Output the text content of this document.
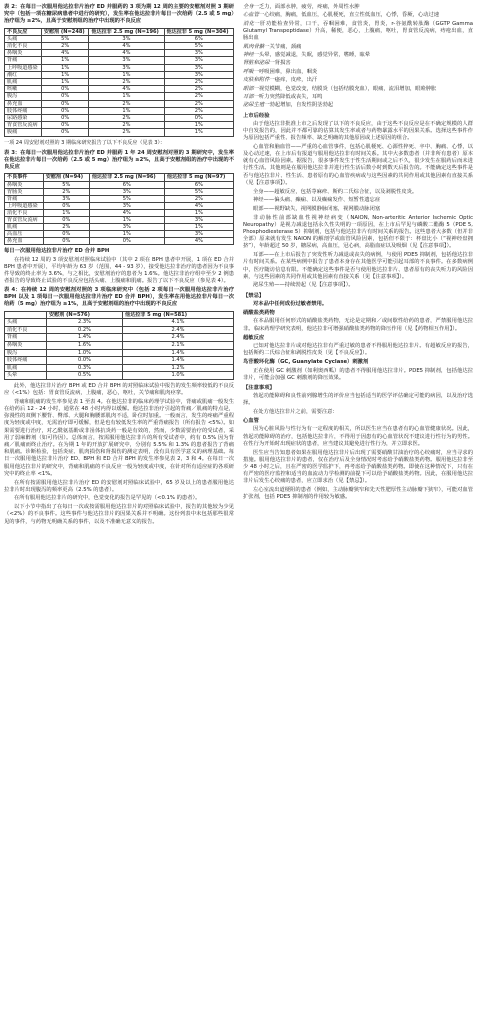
表 2：在每日一次服用他达拉非片治疗 ED 并服药的 3 项为期 12 周的主要的安慰剂对照 3 期研究中（包括一项在糖尿病患者中进行的研究），发生率在他达拉非片每日一次给药（2.5 或 5 mg）治疗组为 ≥2%，且高于安慰剂组的治疗中出现的不良反应

不良反应	安慰剂 (N=248)	他达拉非 2.5 mg (N=196)	他达拉非 5 mg (N=304)
头痛	5%	3%	6%
消化不良	2%	4%	5%
鼻咽炎	4%	4%	3%
背痛	1%	3%	3%
上呼吸道感染	1%	3%	3%
潮红	1%	1%	3%
肌痛	1%	2%	2%
咳嗽	0%	4%	2%
腹泻	0%	1%	2%
鼻充血	0%	2%	2%
肢体疼痛	0%	1%	2%
尿路感染	0%	2%	0%
胃食管反流病	0%	2%	1%
腹痛	0%	2%	1%

一项 24 周安慰剂对照的 3 期临床研究报告了以下不良反应（见表 3）：

表 3：在每日一次服用他达拉非片治疗 ED 并服药 1 年 24 周安慰剂对照的 3 期研究中，发生率在他达拉非片每日一次给药（2.5 或 5 mg）治疗组为 ≥2%，且高于安慰剂组的治疗中出现的不良反应

不良事件	安慰剂 (N=94)	他达拉非 2.5 mg (N=96)	他达拉非 5 mg (N=97)
鼻咽炎	5%	6%	6%
胃肠炎	2%	3%	5%
背痛	3%	5%	2%
上呼吸道感染	0%	3%	4%
消化不良	1%	4%	1%
胃食管反流病	0%	1%	3%
肌痛	2%	3%	1%
高血压	0%	1%	3%
鼻充血	0%	0%	4%

每日一次服用他达拉非片治疗 ED 合并 BPH

在持续 12 周的 3 项安慰剂对照临床试验中（其中 2 项在 BPH 患者中开展，1 项在 ED 合并 BPH 患者中开展），平均年龄为 63 岁（范围，44 - 93 岁），接受他达拉非治疗的患者因为不良事件导致的终止率为 3.6%，与之相比，安慰剂治疗的患者为 1.6%。他达拉非治疗组中至少 2 例患者报告的导致终止试验的不良反应包括头痛、上腹痛和肌痛。报告了以下不良反应（参见表 4）。

表 4：在持续 12 周的安慰剂对照的 3 项临床研究中（包括 2 项每日一次服用他达拉非片治疗 BPH 以及 1 项每日一次服用他达拉非片治疗 ED 合并 BPH），发生率在用他达拉非片每日一次给药（5 mg）治疗组为 ≥1%，且高于安慰剂组的治疗中出现的不良反应

	安慰剂 (N=576)	他达拉非 5 mg (N=581)
头痛	2.3%	4.1%
消化不良	0.2%	2.4%
背痛	1.4%	2.4%
鼻咽炎	1.6%	2.1%
腹泻	1.0%	1.4%
肢体疼痛	0.0%	1.4%
肌痛	0.3%	1.2%
头晕	0.5%	1.0%

此外，他达拉非片治疗 BPH 或 ED 合并 BPH 的对照临床试验中报告的发生频率较低的不良反应（<1%）包括：胃食管反流病，上腹痛，恶心，呕吐，关节痛和肌肉痉挛。

背痛和肌痛的发生率参见表 1 至表 4。在他达拉非的临床药理学试验中，背痛或肌痛一般发生在给药后 12 - 24 小时，通常在 48 小时内得以缓解。他达拉非治疗引起的背痛／肌痛的特点是，弥漫性的双侧下腰背、臀部、大腿和胸腰部肌肉不适，卧位时加重。一般而言，发生的疼痛严重程度为轻度或中度，无需治疗即可缓解，但是也有较低发生率的严重背痛报告（所有报告 <5%）。如果需要进行治疗，对乙酰氨基酚或非甾体抗炎药一般是有效的，然而，少数需要治疗的受试者，采用了弱麻醉剂（如可待因）。总体而言，按需服用他达拉非片的所有受试者中，约有 0.5% 因为背痛／肌痛而终止治疗。在为期 1 年的开放扩展研究中，分别有 5.5% 和 1.3% 的患者报告了背痛和肌痛。诊断检验，包括炎症、肌肉损伤和肾损伤的测定表明，没有具有医学意义的病理基础。每日一次服用他达拉非片治疗 ED、BPH 和 ED 合并 BPH 的发生率参见表 2，3 和 4。在每日一次服用他达拉非片的研究中，背痛和肌痛的不良反应一般为轻度或中度，在针对所有适应症的各项研究中的终止率 <1%。

在所有按需服用他达拉非片治疗 ED 的安慰剂对照临床试验中，65 岁及以上的患者服用他达拉非片时出现腹泻的频率更高（2.5% 的患者）。

在所有服用他达拉非片的研究中，色觉变化的报告是罕见的（<0.1% 的患者）。

以下小节中指出了在每日一次或按需服用他达拉非片的对照临床试验中，报告的其他较为少见（<2%）的不良事件。这些事件与他达拉非片的因果关系并不明确。这份列表中未包括那些很常见的事件，与药物无明确关系的事件，以及不准确无意义的报告。

全身一乏力，面部水肿，疲劳，疼痛，外周性水肿

心血管一心绞痛，胸痛，低血压，心肌梗死，直立性低血压，心悸，昏厥，心动过速

消化一肝功能检查异常，口干，吞咽困难，食管炎，胃炎，r-谷氨酰转肽酶（GGTP Gamma Glutamyl Transpeptidase）升高，稀便，恶心，上腹痛，呕吐，胃食管反流病，痔疮出血，直肠出血

肌肉骨骼一关节痛，颈痛

神经一头晕，感觉减退，失眠，感觉异常，嗜睡，眩晕

肾脏和泌尿一肾损害

呼吸一呼吸困难，鼻出血，咽炎

皮肤和附件一瘙痒，皮疹，出汗

眼部一视觉模糊，色觉改变，结膜炎（包括结膜充血），眼痛，流泪增加，眼睑肿胀

耳部一听力突然降低或丧失，耳鸣

泌尿生殖一勃起增加，自发性阴茎勃起

上市后经验

由于他达拉非批准上市之后发现了以下的不良反应，由于这些不良反应是在不确定规模的人群中自发报告的，因此并不都可靠的估算其发生率或者与药物暴露水平的因果关系。选择这些事件作为原因包括严重性、报告频率、缺乏明确的其他原因或上述原因的组合。

心血管和脑血管——严重的心血管事件，包括心肌梗死、心源性猝死、卒中、胸痛、心悸，以及心动过速，在上市后有报道与服用他达拉非有时间关系。其中大多数患者（并非所有患者）原本就有心血管风险因素。据报告，很多事件发生于性生活期间或之后不久，很少发生在服药后而未进行性生活。其他则是在服用他达拉非并进行性生活后数小时到数天后报告的。不能确定这些事件是否与他达拉非片、性生活、患者原有的心血管疾病或与这些因素的共同作用或其他因素有直接关系（见【注意事项】）。

全身——超敏反应，包括荨麻疹、斯约二氏综合征，以及剥脱性皮炎。

神经——偏头痛、癫痫、以及癫痫发作、短暂性遗忘症

眼部——视野缺失，视网膜静脉闭塞，视网膜动脉闭塞

非动脉性前部缺血性视神经病变（NAION, Non-arteritic Anterior Ischemic Optic Neuropathy）是视力减退包括永久性失明的一项原因，在上市后罕见与磷酸二酯酶 5（PDE 5, Phosphodiesterase 5）抑制剂，包括与他达拉非片有时间关系的报告。这些患者大多数（但并非全部）原来就有发生 NAION 的解剖学或血管风险因素，包括但不限于：杯盘比小（“视神经盘拥挤”），年龄超过 50 岁，糖尿病，高血压，冠心病，高脂血症以及吸烟（见【注意事项】）。

耳部——在上市后报告了突发性听力减退或丧失的病例，与使用 PDE5 抑制剂，包括他达拉非片有时间关系。在某些病例中报告了患者本身存在其他医学可能引起耳部的不良事件。在多数病例中，医疗随访信息有限。不能确定这些事件是否与使用他达拉非片、患者原有的丧失听力的风险因素，与这些因素的共同作用或其他因素有直接关系（见【注意事项】）。

泌尿生殖——持续勃起（见【注意事项】）。

【禁忌】

对本品中任何成份过敏者禁用。

硝酸盐类药物

在本品服用任何形式的硝酸盐类药物，无论是定期和／或间歇性给药的患者，严禁服用他达拉非。临床药理学研究表明，他达拉非可增强硝酸盐类药物的降压作用（见【药物相互作用】）。

超敏反应

已知对他达拉非片或对他达拉非有严重过敏的患者不得服用他达拉非片。有超敏反应的报告，包括斯约二氏综合征和剥脱性皮炎（见【不良反应】）。

鸟苷酸环化酶（GC, Guanylate Cyclase）刺激剂

正在使用 GC 刺激剂（如利奥西呱）的患者不得服用他达拉非片。PDE5 抑制剂，包括他达拉非片，可能会加强 GC 刺激剂的降压效果。

【注意事项】

勃起功能障碍和良性前列腺增生的评价应当包括适当的医学评估确定可能的病因，以及治疗选择。

在处方他达拉非片之前，需要注意：

心血管

因为心脏风险与性行为有一定程度的相关，所以医生应当在患者有的心血管健康状况。因此，勃起功能障碍的治疗，包括他达拉非片，不得用于因患有的心血管状况不建议进行性行为的男性。在性行为开始时出现症状的患者，应当建议其避免进行性行为，并立即求医。

医生应当告知患者如果在服用他达拉非片后出现了需要硝酸甘油治疗的心绞痛时，应当寻求的措施。服用他达拉非片的患者，仅在治疗后及全身情况时考虑给予硝酸盐类药物。服用他达拉非至少 48 小时之后，且在严密的医学监护下，再考虑给予硝酸盐类药物。即使在这种情况下，只有在有严密的医疗监控和适当的血流动力学检测的前提下可以给予硝酸盐类药物。因此，在服用他达拉非片后发生心绞痛的患者，应立即求治（见【禁忌】）。

左心室流出道梗阻的患者（例如，主动脉瓣狭窄和先天性肥厚性主动脉瓣下狭窄），可能对血管扩张剂，包括 PDE5 抑制剂的作用较为敏感。
